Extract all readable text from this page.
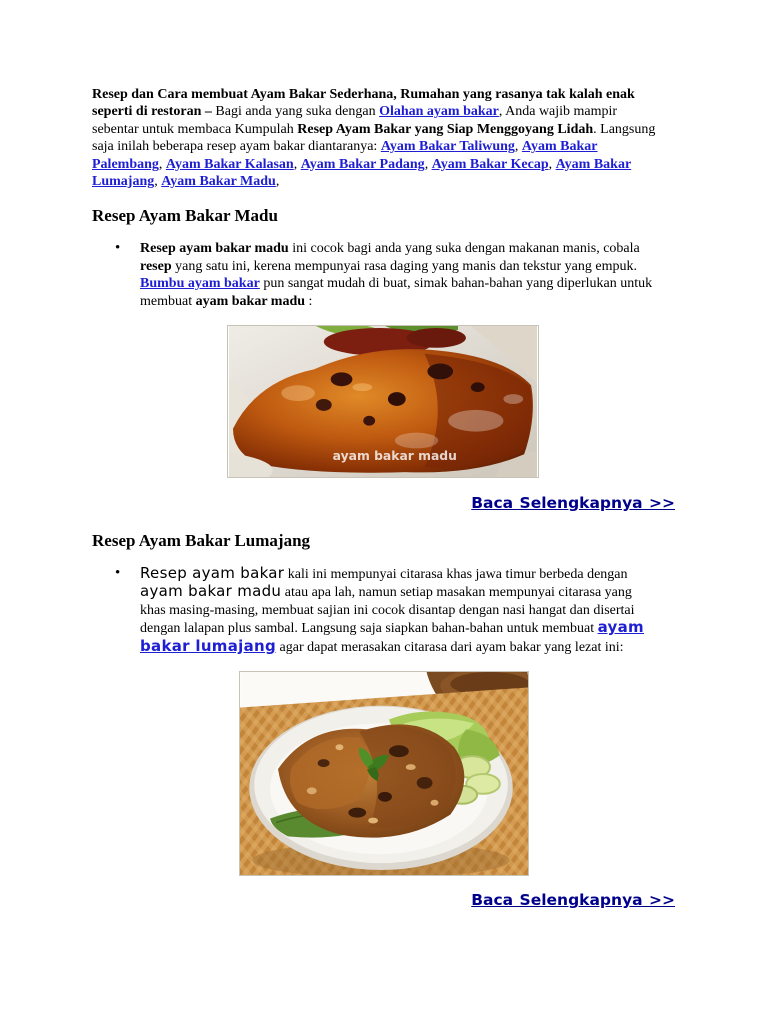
Resep dan Cara membuat Ayam Bakar Sederhana, Rumahan yang rasanya tak kalah enak seperti di restoran – Bagi anda yang suka dengan Olahan ayam bakar, Anda wajib mampir sebentar untuk membaca Kumpulah Resep Ayam Bakar yang Siap Menggoyang Lidah. Langsung saja inilah beberapa resep ayam bakar diantaranya: Ayam Bakar Taliwung, Ayam Bakar Palembang, Ayam Bakar Kalasan, Ayam Bakar Padang, Ayam Bakar Kecap, Ayam Bakar Lumajang, Ayam Bakar Madu,

Resep Ayam Bakar Madu
• Resep ayam bakar madu ini cocok bagi anda yang suka dengan makanan manis, cobala resep yang satu ini, kerena mempunyai rasa daging yang manis dan tekstur yang empuk. Bumbu ayam bakar pun sangat mudah di buat, simak bahan-bahan yang diperlukan untuk membuat ayam bakar madu :
ayam bakar madu
Baca Selengkapnya >>
Resep Ayam Bakar Lumajang
• Resep ayam bakar kali ini mempunyai citarasa khas jawa timur berbeda dengan ayam bakar madu atau apa lah, namun setiap masakan mempunyai citarasa yang khas masing-masing, membuat sajian ini cocok disantap dengan nasi hangat dan disertai dengan lalapan plus sambal. Langsung saja siapkan bahan-bahan untuk membuat ayam bakar lumajang agar dapat merasakan citarasa dari ayam bakar yang lezat ini:
Baca Selengkapnya >>
